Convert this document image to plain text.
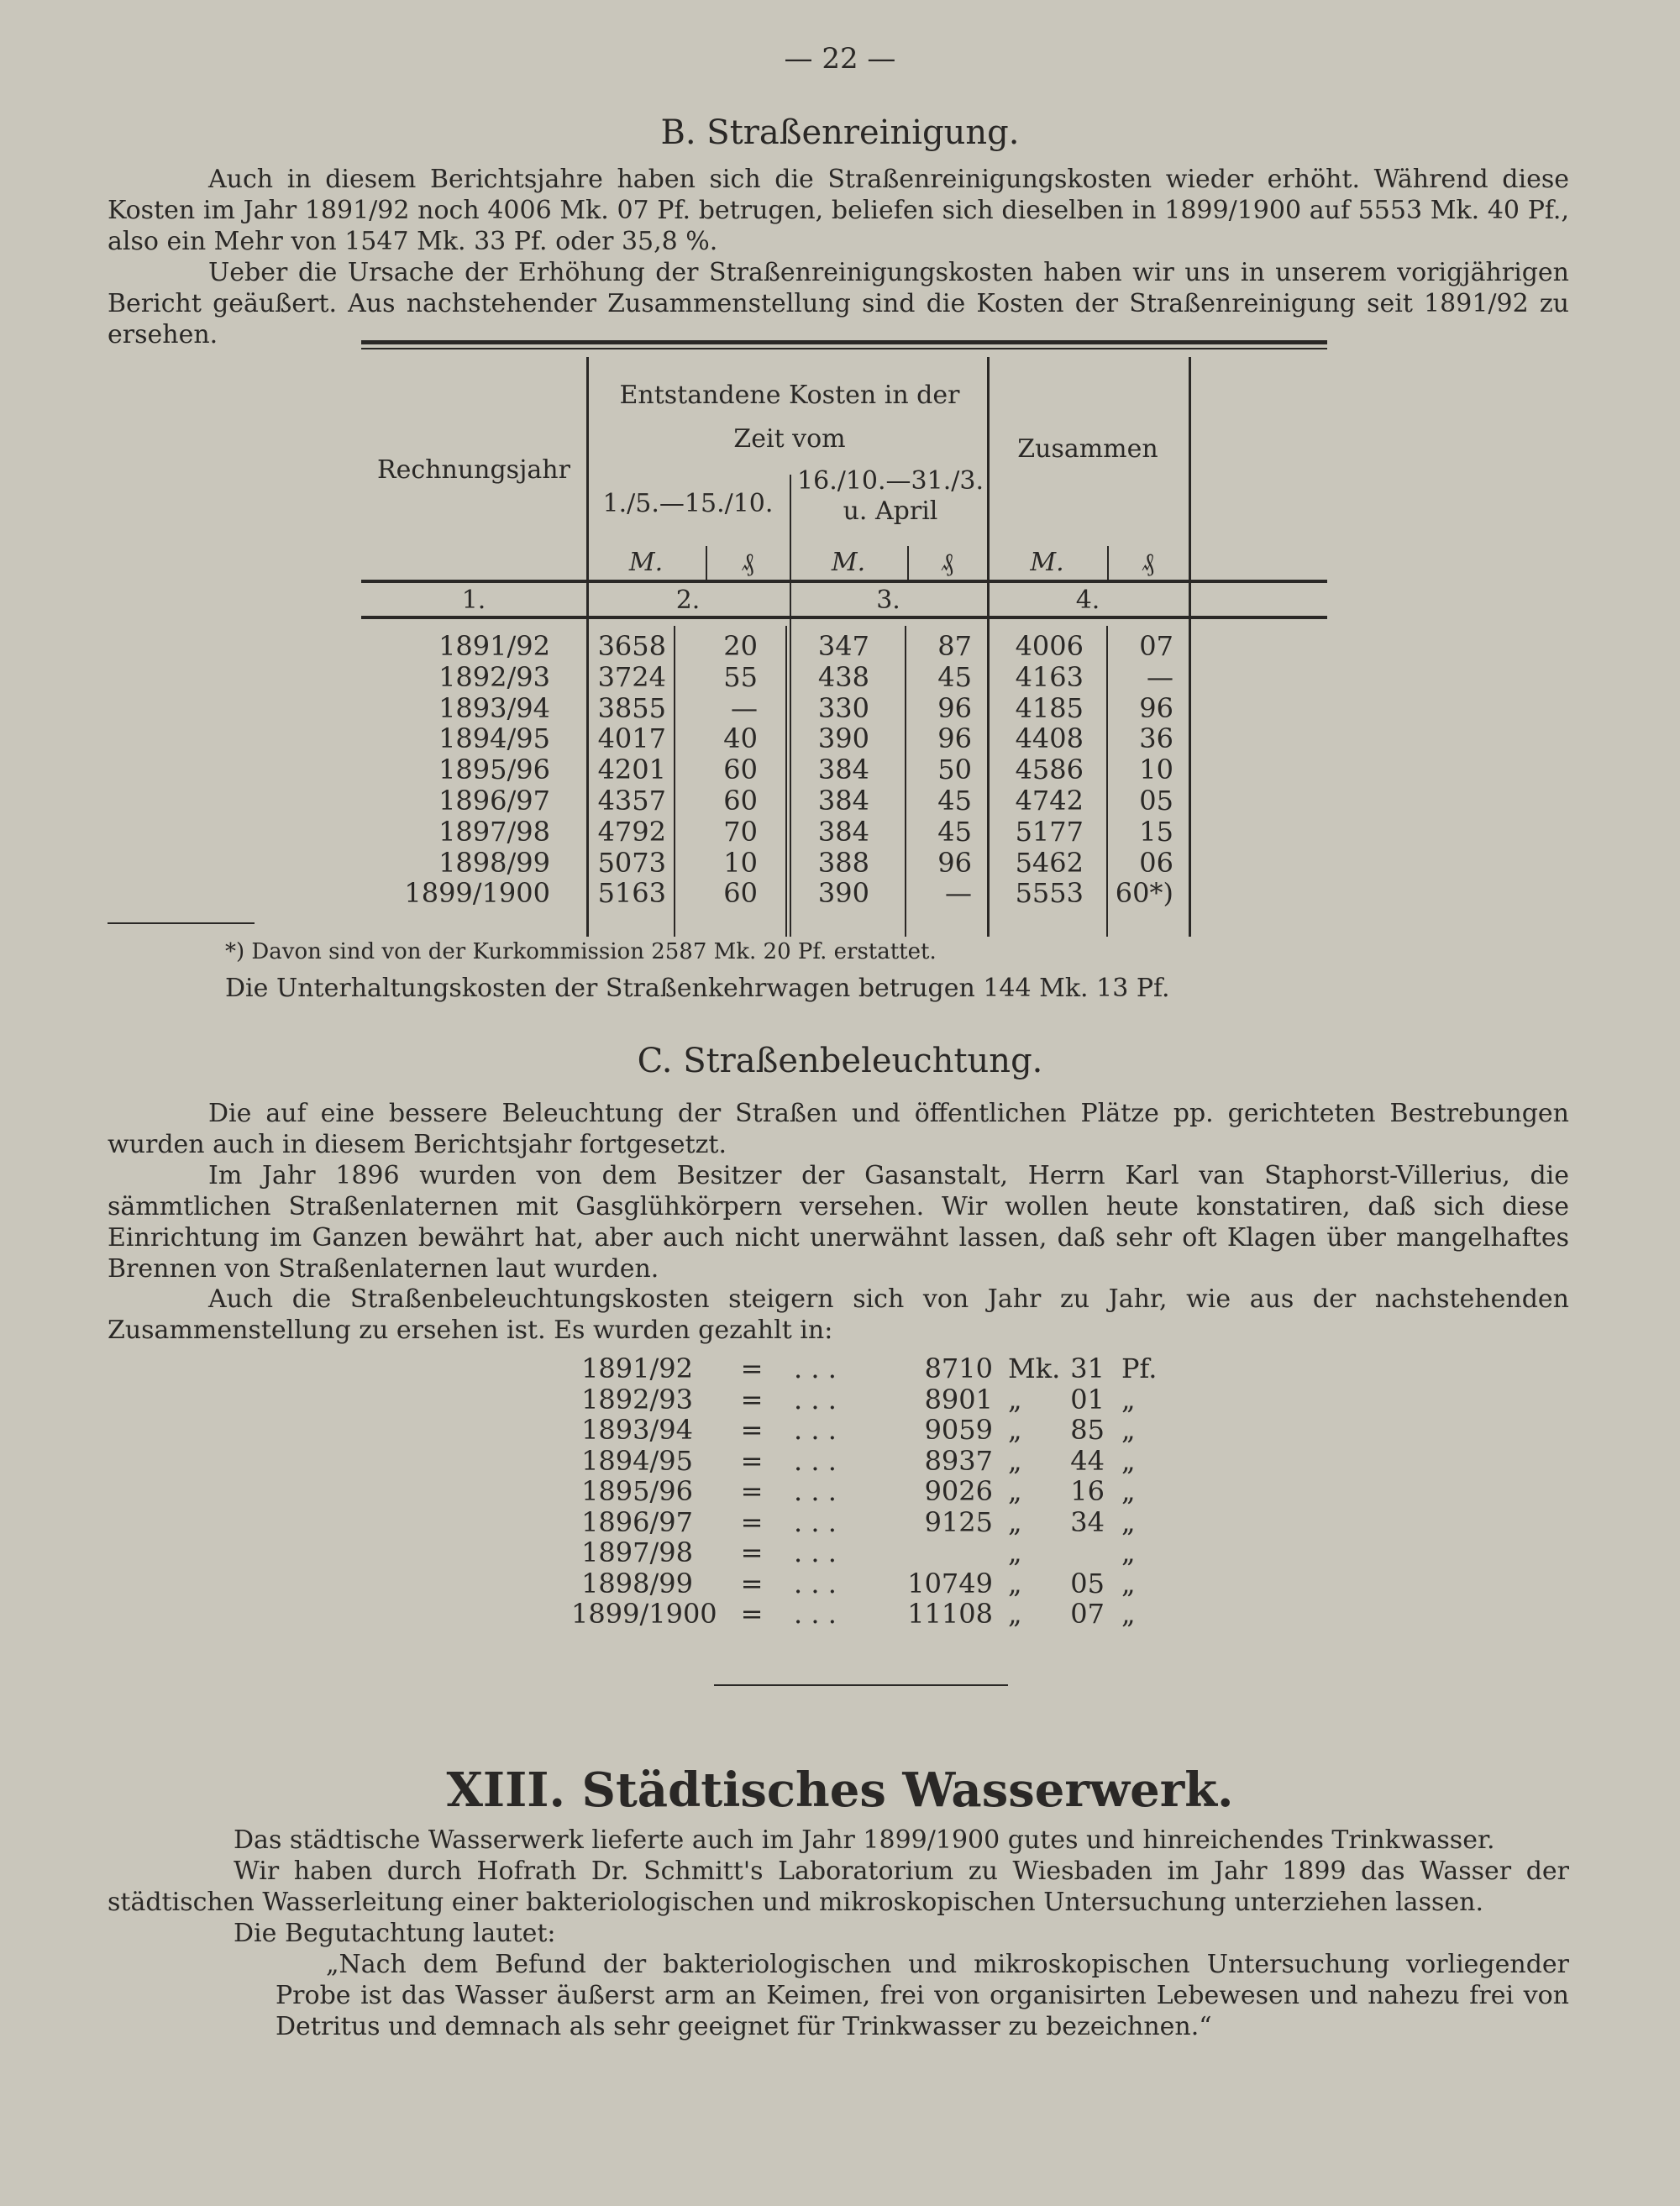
— 22 —
B. Straßenreinigung.
Auch in diesem Berichtsjahre haben sich die Straßenreinigungskosten wieder erhöht. Während diese Kosten im Jahr 1891/92 noch 4006 Mk. 07 Pf. betrugen, beliefen sich dieselben in 1899/1900 auf 5553 Mk. 40 Pf., also ein Mehr von 1547 Mk. 33 Pf. oder 35,8 %.
Ueber die Ursache der Erhöhung der Straßenreinigungskosten haben wir uns in unserem vorigjährigen Bericht geäußert. Aus nachstehender Zusammenstellung sind die Kosten der Straßenreinigung seit 1891/92 zu ersehen.
Rechnungsjahr
Entstandene Kosten in der Zeit vom
1./5.—15./10.
16./10.—31./3. u. April
Zusammen
M.	₰	M.	₰	M.	₰
1.	2.	3.	4.
1891/92	3658	20	347	87	4006	07
1892/93	3724	55	438	45	4163	—
1893/94	3855	—	330	96	4185	96
1894/95	4017	40	390	96	4408	36
1895/96	4201	60	384	50	4586	10
1896/97	4357	60	384	45	4742	05
1897/98	4792	70	384	45	5177	15
1898/99	5073	10	388	96	5462	06
1899/1900	5163	60	390	—	5553	60*)
*) Davon sind von der Kurkommission 2587 Mk. 20 Pf. erstattet.
Die Unterhaltungskosten der Straßenkehrwagen betrugen 144 Mk. 13 Pf.
C. Straßenbeleuchtung.
Die auf eine bessere Beleuchtung der Straßen und öffentlichen Plätze pp. gerichteten Bestrebungen wurden auch in diesem Berichtsjahr fortgesetzt.
Im Jahr 1896 wurden von dem Besitzer der Gasanstalt, Herrn Karl van Staphorst-Villerius, die sämmtlichen Straßenlaternen mit Gasglühkörpern versehen. Wir wollen heute konstatiren, daß sich diese Einrichtung im Ganzen bewährt hat, aber auch nicht unerwähnt lassen, daß sehr oft Klagen über mangelhaftes Brennen von Straßenlaternen laut wurden.
Auch die Straßenbeleuchtungskosten steigern sich von Jahr zu Jahr, wie aus der nachstehenden Zusammenstellung zu ersehen ist. Es wurden gezahlt in:
1891/92 = . . .	8710 Mk. 31 Pf.
1892/93 = . . .	8901 „	01 „
1893/94 = . . .	9059 „	85 „
1894/95 = . . .	8937 „	44 „
1895/96 = . . .	9026 „	16 „
1896/97 = . . .	9125 „	34 „
1897/98 = . . .	„	„
1898/99 = . . .	10749 „	05 „
1899/1900 = . . .	11108 „	07 „
XIII. Städtisches Wasserwerk.
Das städtische Wasserwerk lieferte auch im Jahr 1899/1900 gutes und hinreichendes Trinkwasser.
Wir haben durch Hofrath Dr. Schmitt's Laboratorium zu Wiesbaden im Jahr 1899 das Wasser der städtischen Wasserleitung einer bakteriologischen und mikroskopischen Untersuchung unterziehen lassen.
Die Begutachtung lautet:
„Nach dem Befund der bakteriologischen und mikroskopischen Untersuchung vorliegender Probe ist das Wasser äußerst arm an Keimen, frei von organisirten Lebewesen und nahezu frei von Detritus und demnach als sehr geeignet für Trinkwasser zu bezeichnen.“
